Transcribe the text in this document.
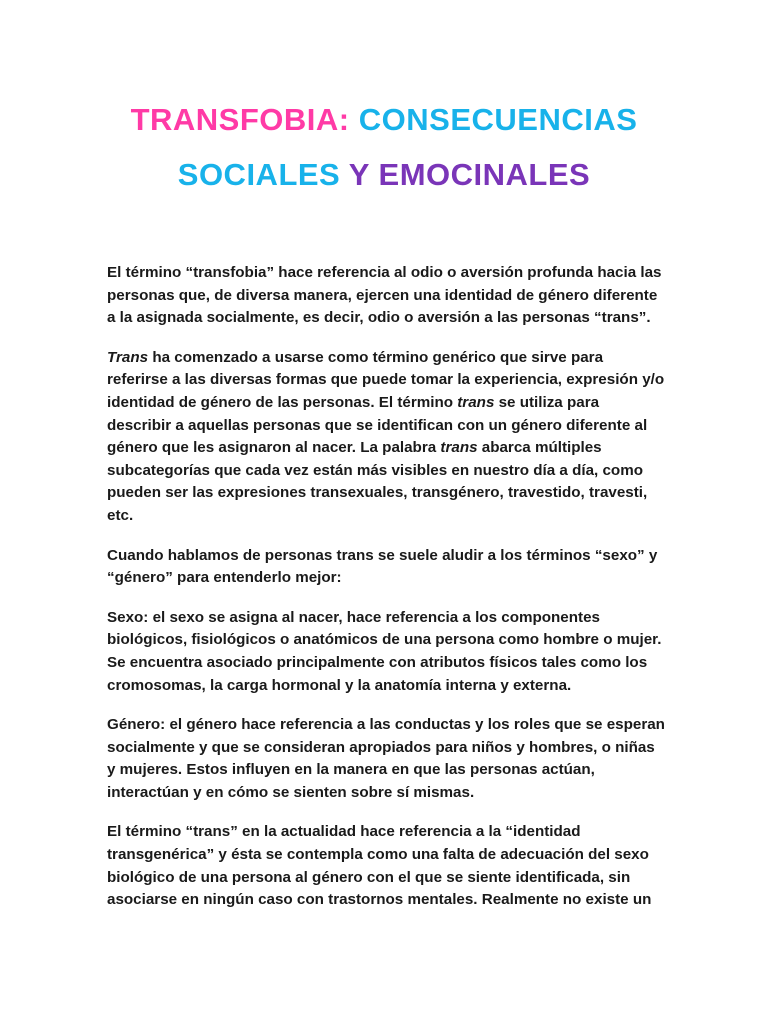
TRANSFOBIA: CONSECUENCIAS
SOCIALES Y EMOCINALES

El término “transfobia” hace referencia al odio o aversión profunda hacia las personas que, de diversa manera, ejercen una identidad de género diferente a la asignada socialmente, es decir, odio o aversión a las personas “trans”.

Trans ha comenzado a usarse como término genérico que sirve para referirse a las diversas formas que puede tomar la experiencia, expresión y/o identidad de género de las personas. El término trans se utiliza para describir a aquellas personas que se identifican con un género diferente al género que les asignaron al nacer. La palabra trans abarca múltiples subcategorías que cada vez están más visibles en nuestro día a día, como pueden ser las expresiones transexuales, transgénero, travestido, travesti, etc.

Cuando hablamos de personas trans se suele aludir a los términos “sexo” y “género” para entenderlo mejor:

Sexo: el sexo se asigna al nacer, hace referencia a los componentes biológicos, fisiológicos o anatómicos de una persona como hombre o mujer. Se encuentra asociado principalmente con atributos físicos tales como los cromosomas, la carga hormonal y la anatomía interna y externa.

Género: el género hace referencia a las conductas y los roles que se esperan socialmente y que se consideran apropiados para niños y hombres, o niñas y mujeres. Estos influyen en la manera en que las personas actúan, interactúan y en cómo se sienten sobre sí mismas.

El término “trans” en la actualidad hace referencia a la “identidad transgenérica” y ésta se contempla como una falta de adecuación del sexo biológico de una persona al género con el que se siente identificada, sin asociarse en ningún caso con trastornos mentales. Realmente no existe un
